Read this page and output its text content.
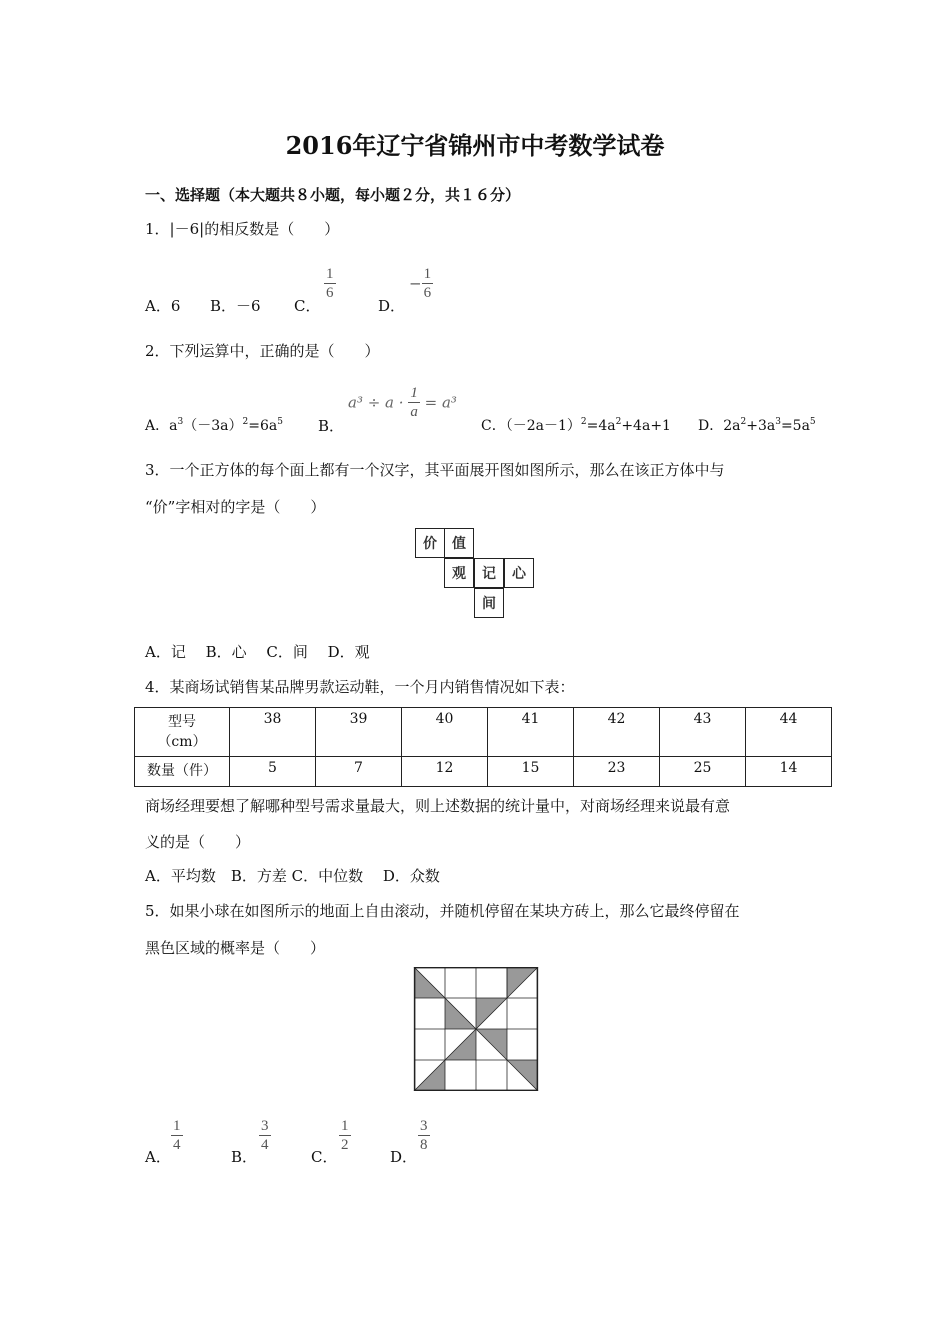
2016年辽宁省锦州市中考数学试卷
一、选择题（本大题共８小题，每小题２分，共１６分）
1．|－6|的相反数是（　　）
A．6 B．－6 C．
$\frac{1}{6}$
D．
− $\frac{1}{6}$
2．下列运算中，正确的是（　　）
A．$a^3(-3a)^2=6a^5$ B．
$a^3 \div a \cdot \frac{1}{a} = a^3$
C．$(-2a-1)^2=4a^2+4a+1$ D．$2a^2+3a^3=5a^5$
3．一个正方体的每个面上都有一个汉字，其平面展开图如图所示，那么在该正方体中与
“价”字相对的字是（　　）
价	值
观	记	心
间
A．记　 B．心　 C．间　 D．观
4．某商场试销售某品牌男款运动鞋，一个月内销售情况如下表：
型号
（cm）	38	39	40	41	42	43	44
数量（件）	5	7	12	15	23	25	14
商场经理要想了解哪种型号需求量最大，则上述数据的统计量中，对商场经理来说最有意
义的是（　　）
A．平均数　B．方差 C．中位数　 D．众数
5．如果小球在如图所示的地面上自由滚动，并随机停留在某块方砖上，那么它最终停留在
黑色区域的概率是（　　）
A．
$\frac{1}{4}$
B．
$\frac{3}{4}$
C．
$\frac{1}{2}$
D．
$\frac{3}{8}$
